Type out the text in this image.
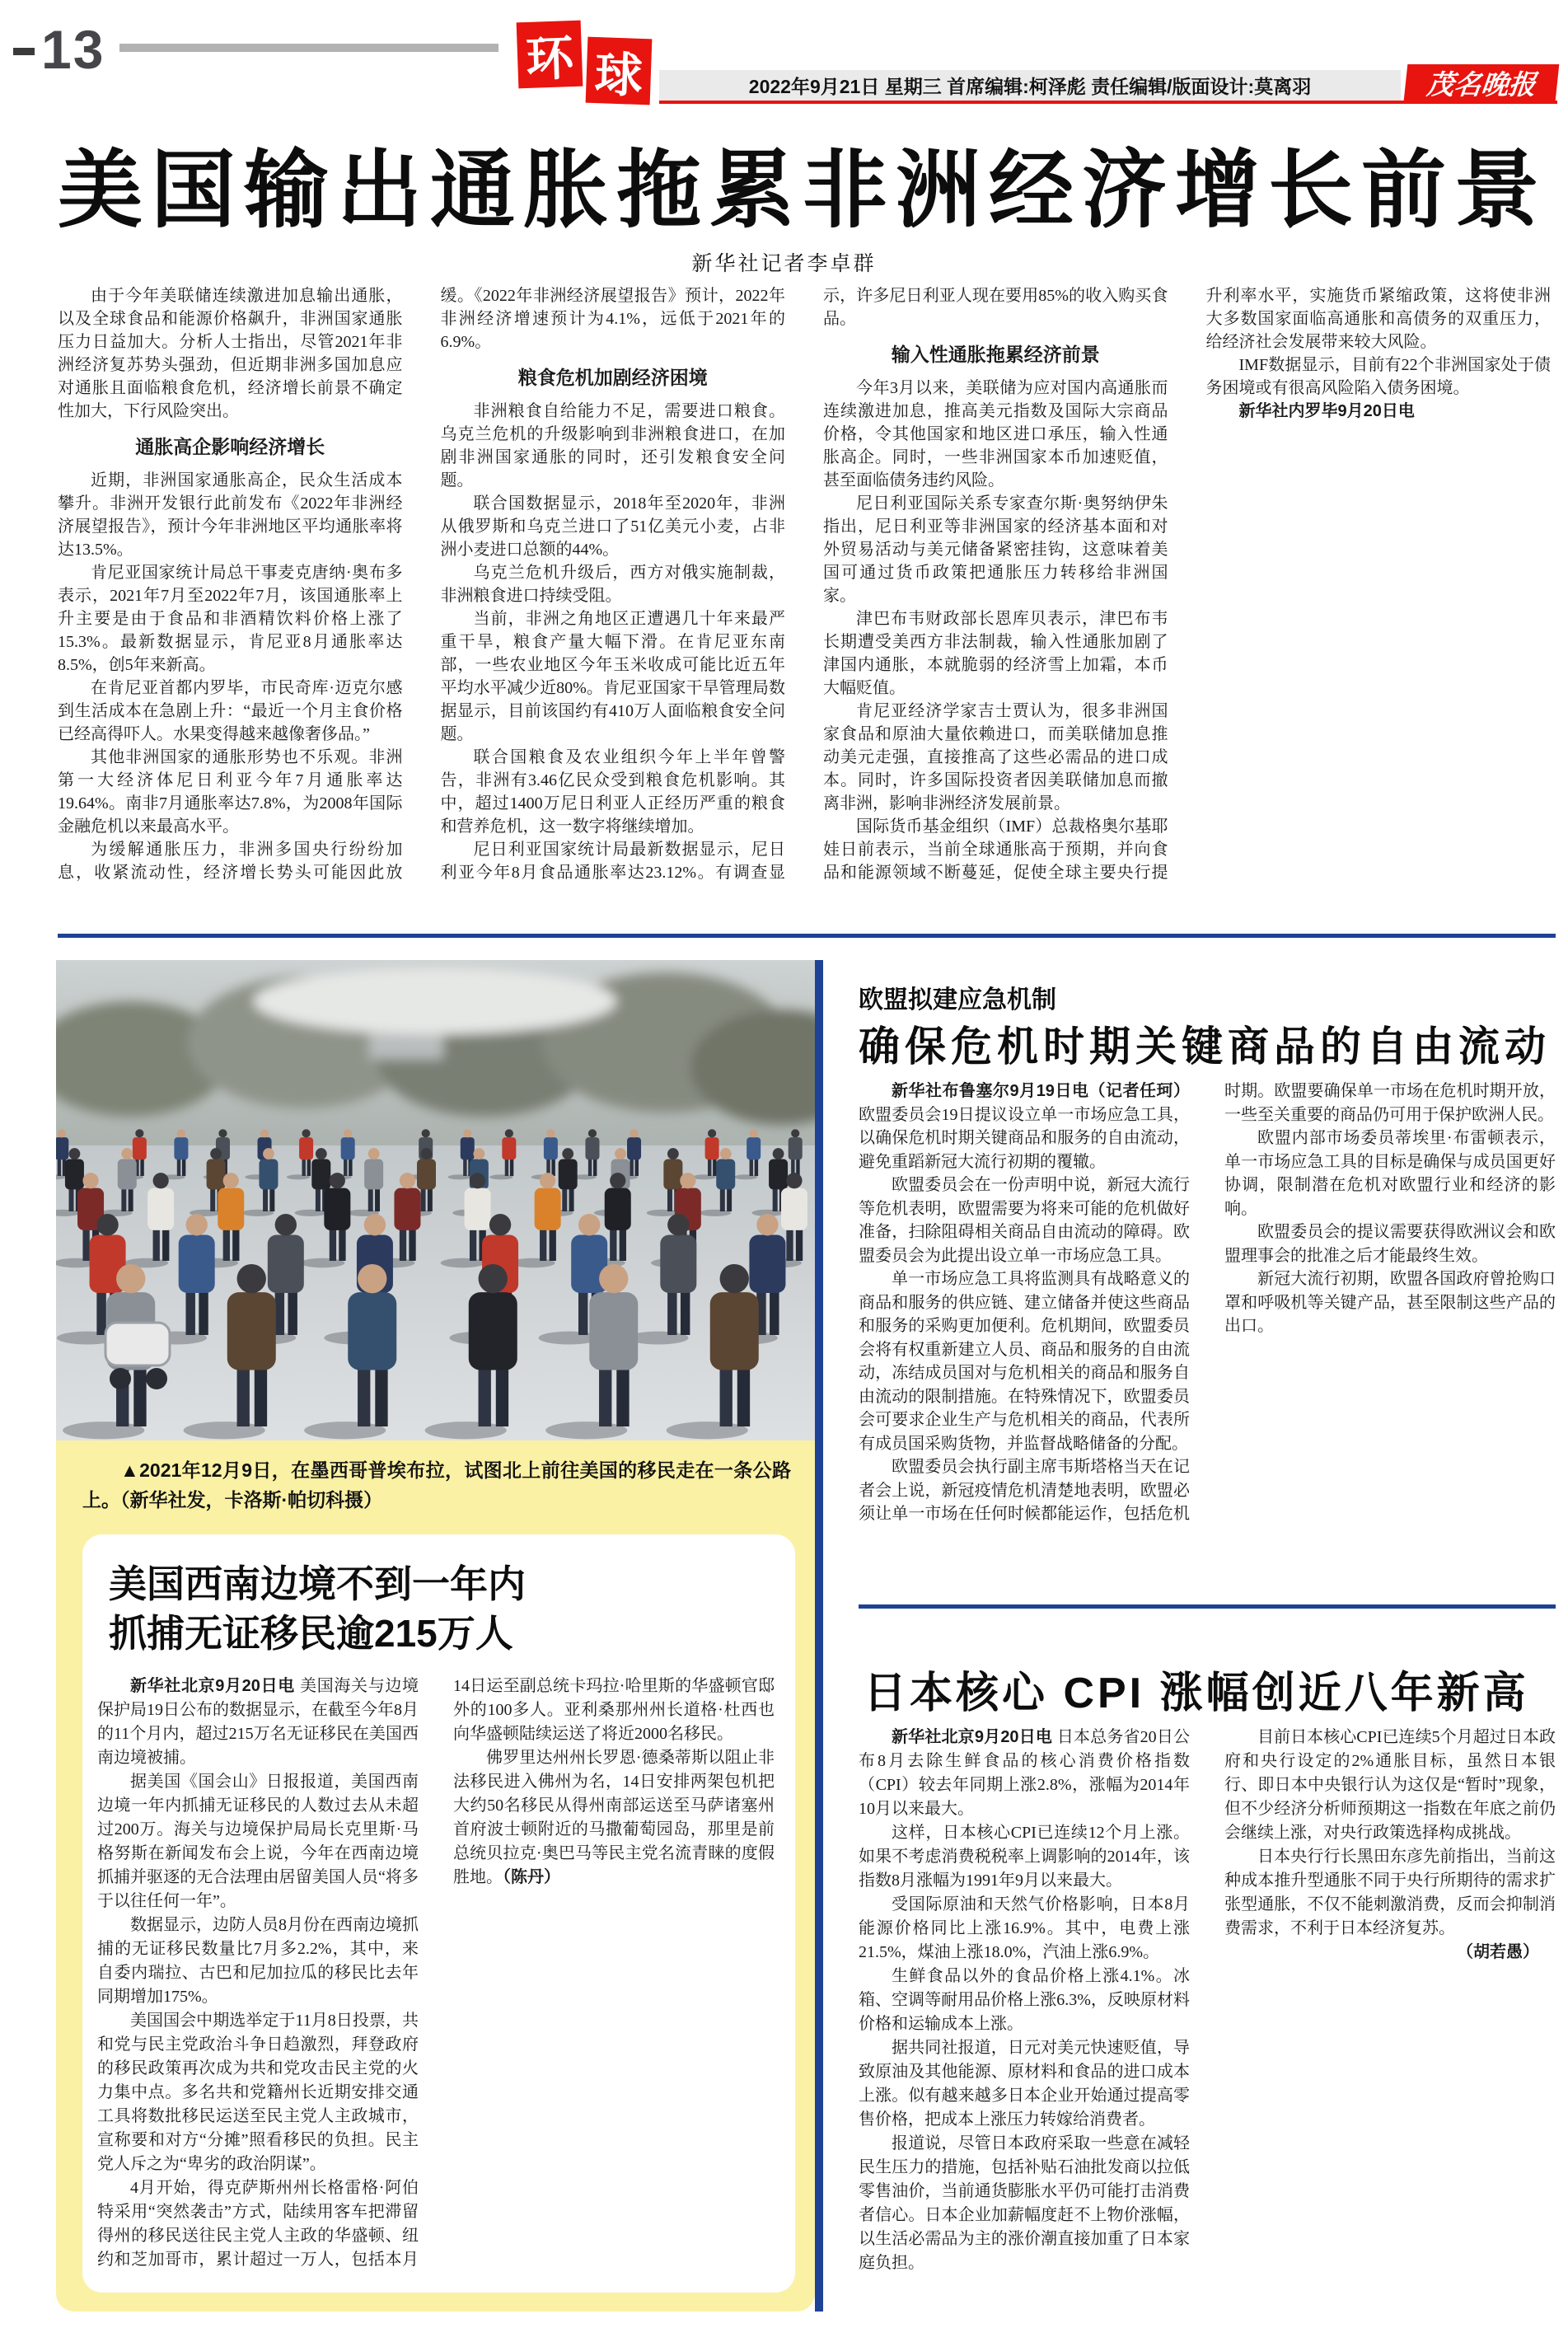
13	环 球	2022年9月21日 星期三 首席编辑:柯泽彪 责任编辑/版面设计:莫离羽	茂名晚报
美国输出通胀拖累非洲经济增长前景
新华社记者李卓群

由于今年美联储连续激进加息输出通胀，以及全球食品和能源价格飙升，非洲国家通胀压力日益加大。分析人士指出，尽管2021年非洲经济复苏势头强劲，但近期非洲多国加息应对通胀且面临粮食危机，经济增长前景不确定性加大，下行风险突出。

通胀高企影响经济增长

近期，非洲国家通胀高企，民众生活成本攀升。非洲开发银行此前发布《2022年非洲经济展望报告》，预计今年非洲地区平均通胀率将达13.5%。

肯尼亚国家统计局总干事麦克唐纳·奥布多表示，2021年7月至2022年7月，该国通胀率上升主要是由于食品和非酒精饮料价格上涨了15.3%。最新数据显示，肯尼亚8月通胀率达8.5%，创5年来新高。

在肯尼亚首都内罗毕，市民奇库·迈克尔感到生活成本在急剧上升：“最近一个月主食价格已经高得吓人。水果变得越来越像奢侈品。”

其他非洲国家的通胀形势也不乐观。非洲第一大经济体尼日利亚今年7月通胀率达19.64%。南非7月通胀率达7.8%，为2008年国际金融危机以来最高水平。

为缓解通胀压力，非洲多国央行纷纷加息，收紧流动性，经济增长势头可能因此放缓。《2022年非洲经济展望报告》预计，2022年非洲经济增速预计为4.1%，远低于2021年的6.9%。

粮食危机加剧经济困境

非洲粮食自给能力不足，需要进口粮食。乌克兰危机的升级影响到非洲粮食进口，在加剧非洲国家通胀的同时，还引发粮食安全问题。

联合国数据显示，2018年至2020年，非洲从俄罗斯和乌克兰进口了51亿美元小麦，占非洲小麦进口总额的44%。

乌克兰危机升级后，西方对俄实施制裁，非洲粮食进口持续受阻。

当前，非洲之角地区正遭遇几十年来最严重干旱，粮食产量大幅下滑。在肯尼亚东南部，一些农业地区今年玉米收成可能比近五年平均水平减少近80%。肯尼亚国家干旱管理局数据显示，目前该国约有410万人面临粮食安全问题。

联合国粮食及农业组织今年上半年曾警告，非洲有3.46亿民众受到粮食危机影响。其中，超过1400万尼日利亚人正经历严重的粮食和营养危机，这一数字将继续增加。

尼日利亚国家统计局最新数据显示，尼日利亚今年8月食品通胀率达23.12%。有调查显示，许多尼日利亚人现在要用85%的收入购买食品。

输入性通胀拖累经济前景

今年3月以来，美联储为应对国内高通胀而连续激进加息，推高美元指数及国际大宗商品价格，令其他国家和地区进口承压，输入性通胀高企。同时，一些非洲国家本币加速贬值，甚至面临债务违约风险。

尼日利亚国际关系专家查尔斯·奥努纳伊朱指出，尼日利亚等非洲国家的经济基本面和对外贸易活动与美元储备紧密挂钩，这意味着美国可通过货币政策把通胀压力转移给非洲国家。

津巴布韦财政部长恩库贝表示，津巴布韦长期遭受美西方非法制裁，输入性通胀加剧了津国内通胀，本就脆弱的经济雪上加霜，本币大幅贬值。

肯尼亚经济学家吉士贾认为，很多非洲国家食品和原油大量依赖进口，而美联储加息推动美元走强，直接推高了这些必需品的进口成本。同时，许多国际投资者因美联储加息而撤离非洲，影响非洲经济发展前景。

国际货币基金组织（IMF）总裁格奥尔基耶娃日前表示，当前全球通胀高于预期，并向食品和能源领域不断蔓延，促使全球主要央行提升利率水平，实施货币紧缩政策，这将使非洲大多数国家面临高通胀和高债务的双重压力，给经济社会发展带来较大风险。

IMF数据显示，目前有22个非洲国家处于债务困境或有很高风险陷入债务困境。

新华社内罗毕9月20日电

▲2021年12月9日，在墨西哥普埃布拉，试图北上前往美国的移民走在一条公路上。（新华社发，卡洛斯·帕切科摄）
美国西南边境不到一年内
抓捕无证移民逾215万人

新华社北京9月20日电 美国海关与边境保护局19日公布的数据显示，在截至今年8月的11个月内，超过215万名无证移民在美国西南边境被捕。

据美国《国会山》日报报道，美国西南边境一年内抓捕无证移民的人数过去从未超过200万。海关与边境保护局局长克里斯·马格努斯在新闻发布会上说，今年在西南边境抓捕并驱逐的无合法理由居留美国人员“将多于以往任何一年”。

数据显示，边防人员8月份在西南边境抓捕的无证移民数量比7月多2.2%，其中，来自委内瑞拉、古巴和尼加拉瓜的移民比去年同期增加175%。

美国国会中期选举定于11月8日投票，共和党与民主党政治斗争日趋激烈，拜登政府的移民政策再次成为共和党攻击民主党的火力集中点。多名共和党籍州长近期安排交通工具将数批移民运送至民主党人主政城市，宣称要和对方“分摊”照看移民的负担。民主党人斥之为“卑劣的政治阴谋”。

4月开始，得克萨斯州州长格雷格·阿伯特采用“突然袭击”方式，陆续用客车把滞留得州的移民送往民主党人主政的华盛顿、纽约和芝加哥市，累计超过一万人，包括本月14日运至副总统卡玛拉·哈里斯的华盛顿官邸外的100多人。亚利桑那州州长道格·杜西也向华盛顿陆续运送了将近2000名移民。

佛罗里达州州长罗恩·德桑蒂斯以阻止非法移民进入佛州为名，14日安排两架包机把大约50名移民从得州南部运送至马萨诸塞州首府波士顿附近的马撒葡萄园岛，那里是前总统贝拉克·奥巴马等民主党名流青睐的度假胜地。（陈丹）

欧盟拟建应急机制
确保危机时期关键商品的自由流动

新华社布鲁塞尔9月19日电（记者任珂）欧盟委员会19日提议设立单一市场应急工具，以确保危机时期关键商品和服务的自由流动，避免重蹈新冠大流行初期的覆辙。

欧盟委员会在一份声明中说，新冠大流行等危机表明，欧盟需要为将来可能的危机做好准备，扫除阻碍相关商品自由流动的障碍。欧盟委员会为此提出设立单一市场应急工具。

单一市场应急工具将监测具有战略意义的商品和服务的供应链、建立储备并使这些商品和服务的采购更加便利。危机期间，欧盟委员会将有权重新建立人员、商品和服务的自由流动，冻结成员国对与危机相关的商品和服务自由流动的限制措施。在特殊情况下，欧盟委员会可要求企业生产与危机相关的商品，代表所有成员国采购货物，并监督战略储备的分配。

欧盟委员会执行副主席韦斯塔格当天在记者会上说，新冠疫情危机清楚地表明，欧盟必须让单一市场在任何时候都能运作，包括危机时期。欧盟要确保单一市场在危机时期开放，一些至关重要的商品仍可用于保护欧洲人民。

欧盟内部市场委员蒂埃里·布雷顿表示，单一市场应急工具的目标是确保与成员国更好协调，限制潜在危机对欧盟行业和经济的影响。

欧盟委员会的提议需要获得欧洲议会和欧盟理事会的批准之后才能最终生效。

新冠大流行初期，欧盟各国政府曾抢购口罩和呼吸机等关键产品，甚至限制这些产品的出口。

日本核心 CPI 涨幅创近八年新高

新华社北京9月20日电 日本总务省20日公布8月去除生鲜食品的核心消费价格指数（CPI）较去年同期上涨2.8%，涨幅为2014年10月以来最大。

这样，日本核心CPI已连续12个月上涨。如果不考虑消费税税率上调影响的2014年，该指数8月涨幅为1991年9月以来最大。

受国际原油和天然气价格影响，日本8月能源价格同比上涨16.9%。其中，电费上涨21.5%，煤油上涨18.0%，汽油上涨6.9%。

生鲜食品以外的食品价格上涨4.1%。冰箱、空调等耐用品价格上涨6.3%，反映原材料价格和运输成本上涨。

据共同社报道，日元对美元快速贬值，导致原油及其他能源、原材料和食品的进口成本上涨。似有越来越多日本企业开始通过提高零售价格，把成本上涨压力转嫁给消费者。

报道说，尽管日本政府采取一些意在减轻民生压力的措施，包括补贴石油批发商以拉低零售油价，当前通货膨胀水平仍可能打击消费者信心。日本企业加薪幅度赶不上物价涨幅，以生活必需品为主的涨价潮直接加重了日本家庭负担。

目前日本核心CPI已连续5个月超过日本政府和央行设定的2%通胀目标，虽然日本银行、即日本中央银行认为这仅是“暂时”现象，但不少经济分析师预期这一指数在年底之前仍会继续上涨，对央行政策选择构成挑战。

日本央行行长黑田东彦先前指出，当前这种成本推升型通胀不同于央行所期待的需求扩张型通胀，不仅不能刺激消费，反而会抑制消费需求，不利于日本经济复苏。

（胡若愚）
